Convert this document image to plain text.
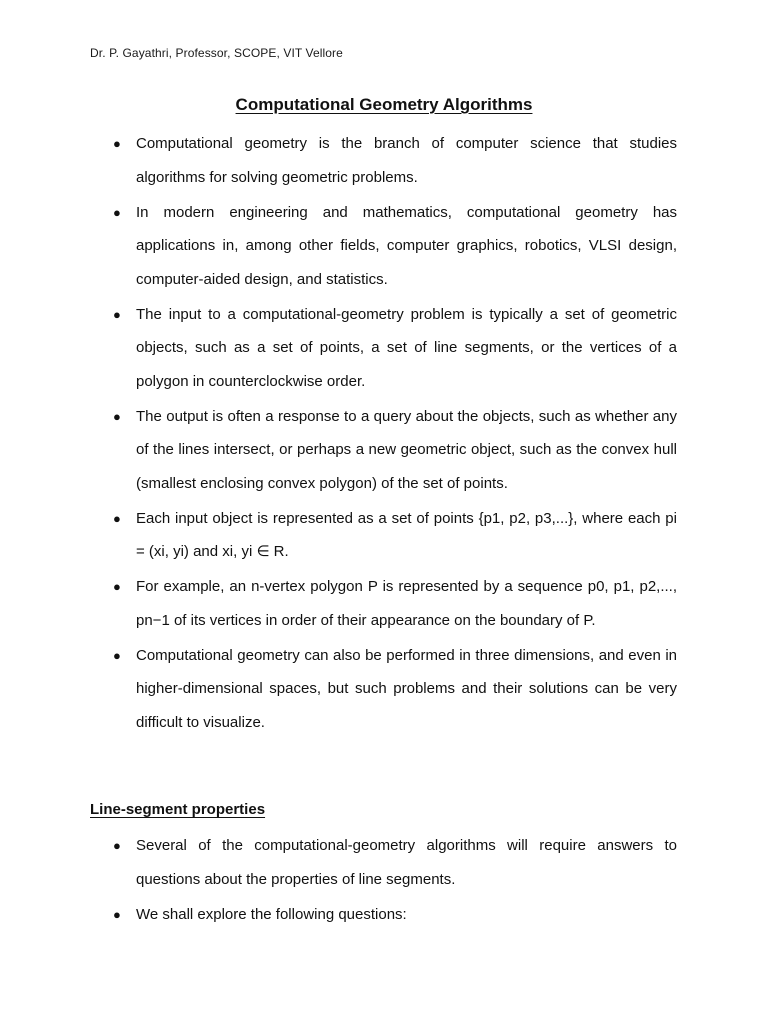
Dr. P. Gayathri, Professor, SCOPE, VIT Vellore
Computational Geometry Algorithms
● Computational geometry is the branch of computer science that studies algorithms for solving geometric problems.
● In modern engineering and mathematics, computational geometry has applications in, among other fields, computer graphics, robotics, VLSI design, computer-aided design, and statistics.
● The input to a computational-geometry problem is typically a set of geometric objects, such as a set of points, a set of line segments, or the vertices of a polygon in counterclockwise order.
● The output is often a response to a query about the objects, such as whether any of the lines intersect, or perhaps a new geometric object, such as the convex hull (smallest enclosing convex polygon) of the set of points.
● Each input object is represented as a set of points {p1, p2, p3,...}, where each pi = (xi, yi) and xi, yi ∈ R.
● For example, an n-vertex polygon P is represented by a sequence p0, p1, p2,..., pn−1 of its vertices in order of their appearance on the boundary of P.
● Computational geometry can also be performed in three dimensions, and even in higher-dimensional spaces, but such problems and their solutions can be very difficult to visualize.
Line-segment properties
● Several of the computational-geometry algorithms will require answers to questions about the properties of line segments.
● We shall explore the following questions:
